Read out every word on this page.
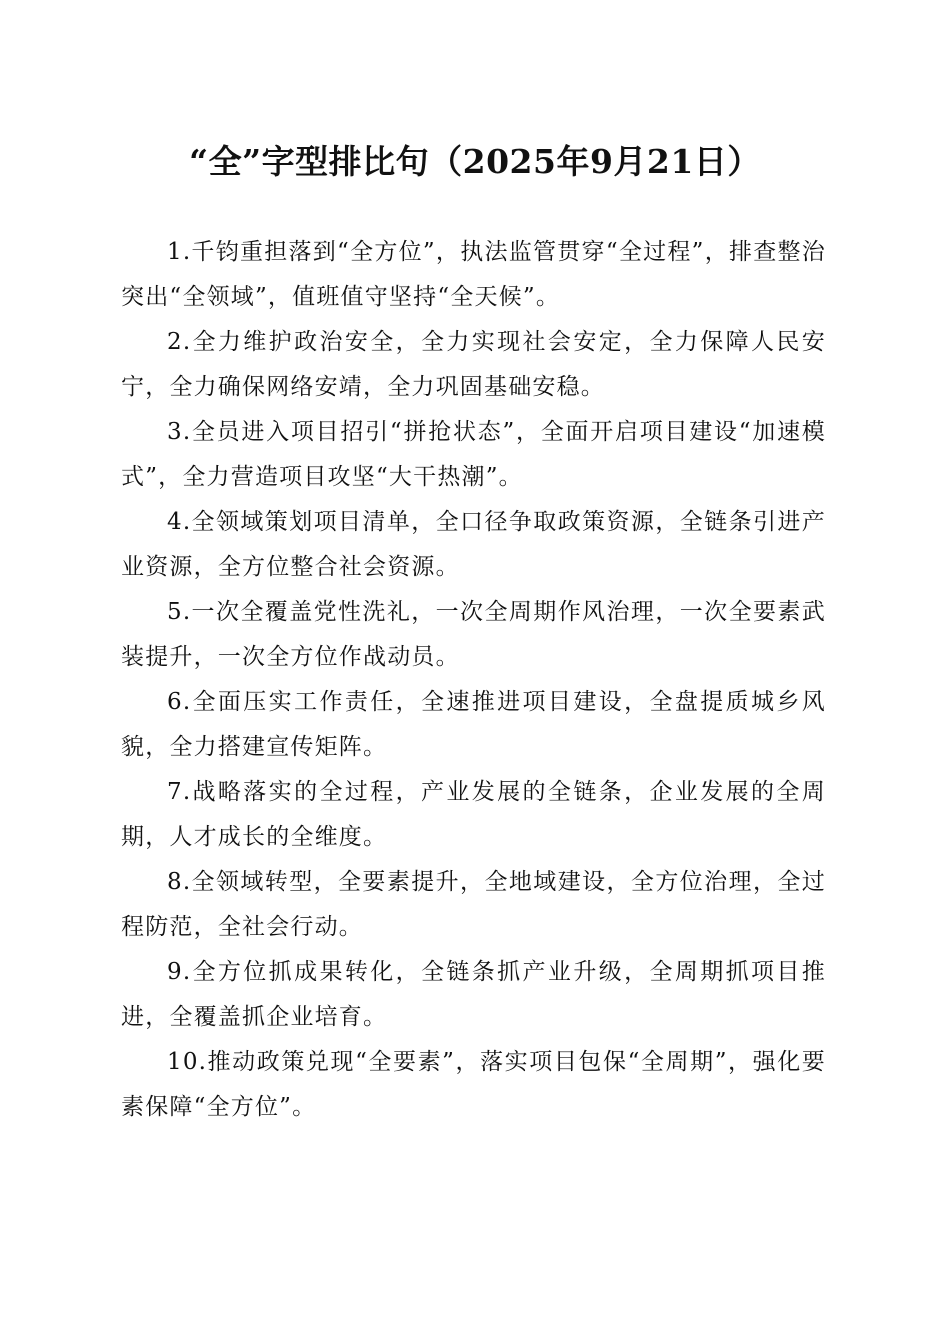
“全”字型排比句（2025年9月21日）

1.千钧重担落到“全方位”，执法监管贯穿“全过程”，排查整治突出“全领域”，值班值守坚持“全天候”。

2.全力维护政治安全，全力实现社会安定，全力保障人民安宁，全力确保网络安靖，全力巩固基础安稳。

3.全员进入项目招引“拼抢状态”，全面开启项目建设“加速模式”，全力营造项目攻坚“大干热潮”。

4.全领域策划项目清单，全口径争取政策资源，全链条引进产业资源，全方位整合社会资源。

5.一次全覆盖党性洗礼，一次全周期作风治理，一次全要素武装提升，一次全方位作战动员。

6.全面压实工作责任，全速推进项目建设，全盘提质城乡风貌，全力搭建宣传矩阵。

7.战略落实的全过程，产业发展的全链条，企业发展的全周期，人才成长的全维度。

8.全领域转型，全要素提升，全地域建设，全方位治理，全过程防范，全社会行动。

9.全方位抓成果转化，全链条抓产业升级，全周期抓项目推进，全覆盖抓企业培育。

10.推动政策兑现“全要素”，落实项目包保“全周期”，强化要素保障“全方位”。
